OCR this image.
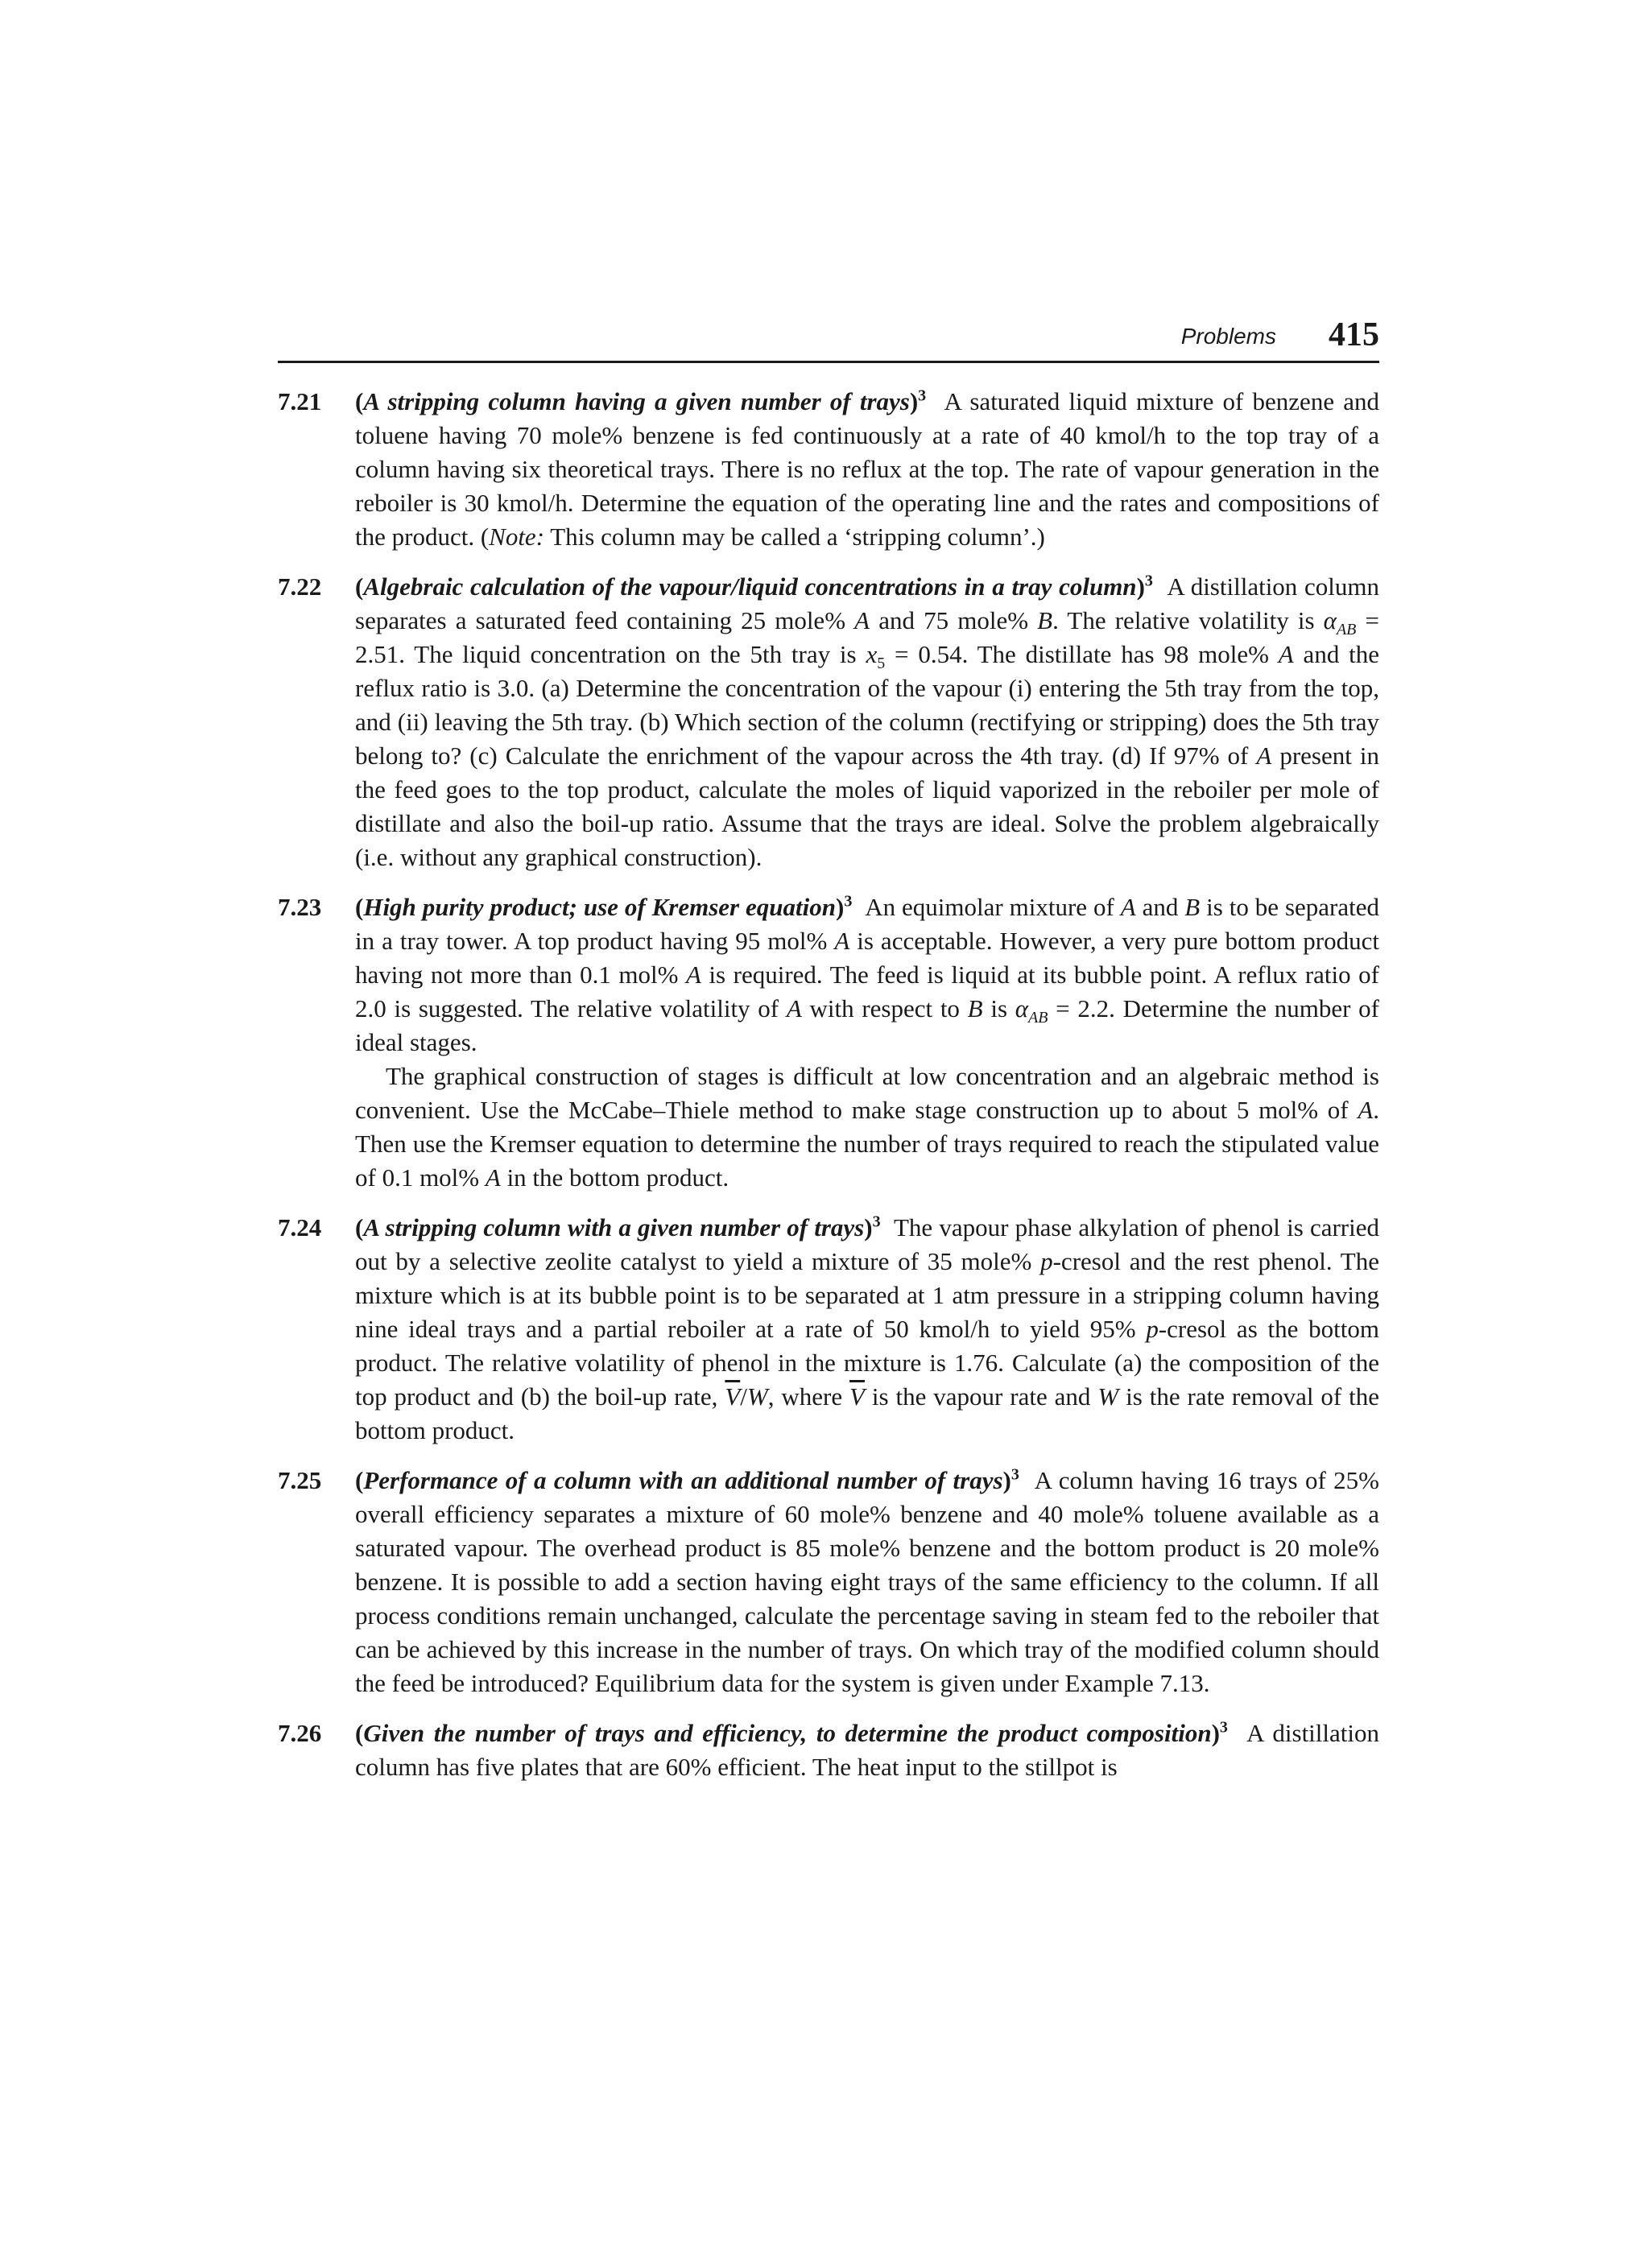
Problems 415
7.21	(A stripping column having a given number of trays)$^3$ A saturated liquid mixture of benzene and toluene having 70 mole% benzene is fed continuously at a rate of 40 kmol/h to the top tray of a column having six theoretical trays. There is no reflux at the top. The rate of vapour generation in the reboiler is 30 kmol/h. Determine the equation of the operating line and the rates and compositions of the product. (Note: This column may be called a ‘stripping column’.)

7.22	(Algebraic calculation of the vapour/liquid concentrations in a tray column)$^3$ A distillation column separates a saturated feed containing 25 mole% A and 75 mole% B. The relative volatility is $\alpha_{AB} = 2.51$. The liquid concentration on the 5th tray is $x_5 = 0.54$. The distillate has 98 mole% A and the reflux ratio is 3.0. (a) Determine the concentration of the vapour (i) entering the 5th tray from the top, and (ii) leaving the 5th tray. (b) Which section of the column (rectifying or stripping) does the 5th tray belong to? (c) Calculate the enrichment of the vapour across the 4th tray. (d) If 97% of A present in the feed goes to the top product, calculate the moles of liquid vaporized in the reboiler per mole of distillate and also the boil-up ratio. Assume that the trays are ideal. Solve the problem algebraically (i.e. without any graphical construction).

7.23	(High purity product; use of Kremser equation)$^3$ An equimolar mixture of A and B is to be separated in a tray tower. A top product having 95 mol% A is acceptable. However, a very pure bottom product having not more than 0.1 mol% A is required. The feed is liquid at its bubble point. A reflux ratio of 2.0 is suggested. The relative volatility of A with respect to B is $\alpha_{AB} = 2.2$. Determine the number of ideal stages.

The graphical construction of stages is difficult at low concentration and an algebraic method is convenient. Use the McCabe–Thiele method to make stage construction up to about 5 mol% of A. Then use the Kremser equation to determine the number of trays required to reach the stipulated value of 0.1 mol% A in the bottom product.

7.24	(A stripping column with a given number of trays)$^3$ The vapour phase alkylation of phenol is carried out by a selective zeolite catalyst to yield a mixture of 35 mole% p-cresol and the rest phenol. The mixture which is at its bubble point is to be separated at 1 atm pressure in a stripping column having nine ideal trays and a partial reboiler at a rate of 50 kmol/h to yield 95% p-cresol as the bottom product. The relative volatility of phenol in the mixture is 1.76. Calculate (a) the composition of the top product and (b) the boil-up rate, $\overline{V}/W$, where $\overline{V}$ is the vapour rate and W is the rate removal of the bottom product.

7.25	(Performance of a column with an additional number of trays)$^3$ A column having 16 trays of 25% overall efficiency separates a mixture of 60 mole% benzene and 40 mole% toluene available as a saturated vapour. The overhead product is 85 mole% benzene and the bottom product is 20 mole% benzene. It is possible to add a section having eight trays of the same efficiency to the column. If all process conditions remain unchanged, calculate the percentage saving in steam fed to the reboiler that can be achieved by this increase in the number of trays. On which tray of the modified column should the feed be introduced? Equilibrium data for the system is given under Example 7.13.

7.26	(Given the number of trays and efficiency, to determine the product composition)$^3$ A distillation column has five plates that are 60% efficient. The heat input to the stillpot is
